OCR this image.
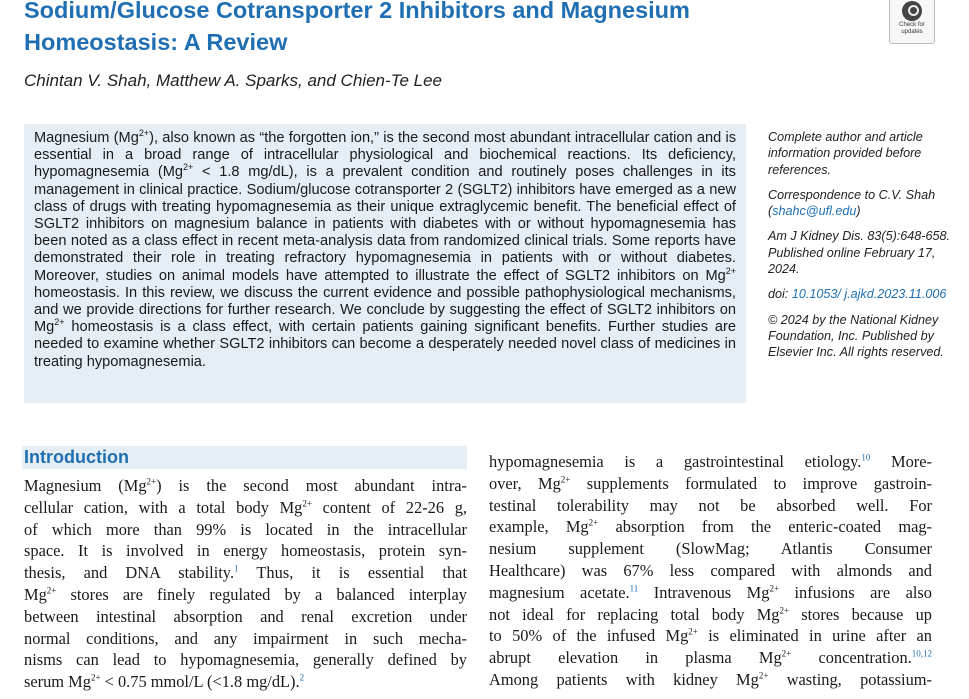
Sodium/Glucose Cotransporter 2 Inhibitors and Magnesium Homeostasis: A Review
Chintan V. Shah, Matthew A. Sparks, and Chien-Te Lee
Check for
updates

Magnesium $(Mg^{2+})$, also known as “the forgotten ion,” is the second most abundant intracellular cation and is essential in a broad range of intracellular physiological and biochemical reactions. Its deficiency, hypomagnesemia ($Mg^{2+} < 1.8$ mg/dL), is a prevalent condition and routinely poses challenges in its management in clinical practice. Sodium/glucose cotransporter 2 (SGLT2) inhibitors have emerged as a new class of drugs with treating hypomagnesemia as their unique extraglycemic benefit. The beneficial effect of SGLT2 inhibitors on magnesium balance in patients with diabetes with or without hypomagnesemia has been noted as a class effect in recent meta-analysis data from randomized clinical trials. Some reports have demonstrated their role in treating refractory hypomagnesemia in patients with or without diabetes. Moreover, studies on animal models have attempted to illustrate the effect of SGLT2 inhibitors on $Mg^{2+}$ homeostasis. In this review, we discuss the current evidence and possible pathophysiological mechanisms, and we provide directions for further research. We conclude by suggesting the effect of SGLT2 inhibitors on $Mg^{2+}$ homeostasis is a class effect, with certain patients gaining significant benefits. Further studies are needed to examine whether SGLT2 inhibitors can become a desperately needed novel class of medicines in treating hypomagnesemia.

Complete author and article information provided before references.
Correspondence to C.V. Shah (shahc@ufl.edu)
Am J Kidney Dis. 83(5):648-658. Published online February 17, 2024.
doi: 10.1053/ j.ajkd.2023.11.006
© 2024 by the National Kidney Foundation, Inc. Published by Elsevier Inc. All rights reserved.
Introduction
Magnesium $(Mg^{2+})$ is the second most abundant intra-
cellular cation, with a total body $Mg^{2+}$ content of 22-26 g,
of which more than 99% is located in the intracellular
space. It is involved in energy homeostasis, protein syn-
thesis, and DNA stability.$^1$ Thus, it is essential that
$Mg^{2+}$ stores are finely regulated by a balanced interplay
between intestinal absorption and renal excretion under
normal conditions, and any impairment in such mecha-
nisms can lead to hypomagnesemia, generally defined by
serum $Mg^{2+} < 0.75$ mmol/L (<1.8 mg/dL).$^2$
hypomagnesemia is a gastrointestinal etiology.$^{10}$ More-
over, $Mg^{2+}$ supplements formulated to improve gastroin-
testinal tolerability may not be absorbed well. For
example, $Mg^{2+}$ absorption from the enteric-coated mag-
nesium supplement (SlowMag; Atlantis Consumer
Healthcare) was 67% less compared with almonds and
magnesium acetate.$^{11}$ Intravenous $Mg^{2+}$ infusions are also
not ideal for replacing total body $Mg^{2+}$ stores because up
to 50% of the infused $Mg^{2+}$ is eliminated in urine after an
abrupt elevation in plasma $Mg^{2+}$ concentration.$^{10,12}$
Among patients with kidney $Mg^{2+}$ wasting, potassium-
